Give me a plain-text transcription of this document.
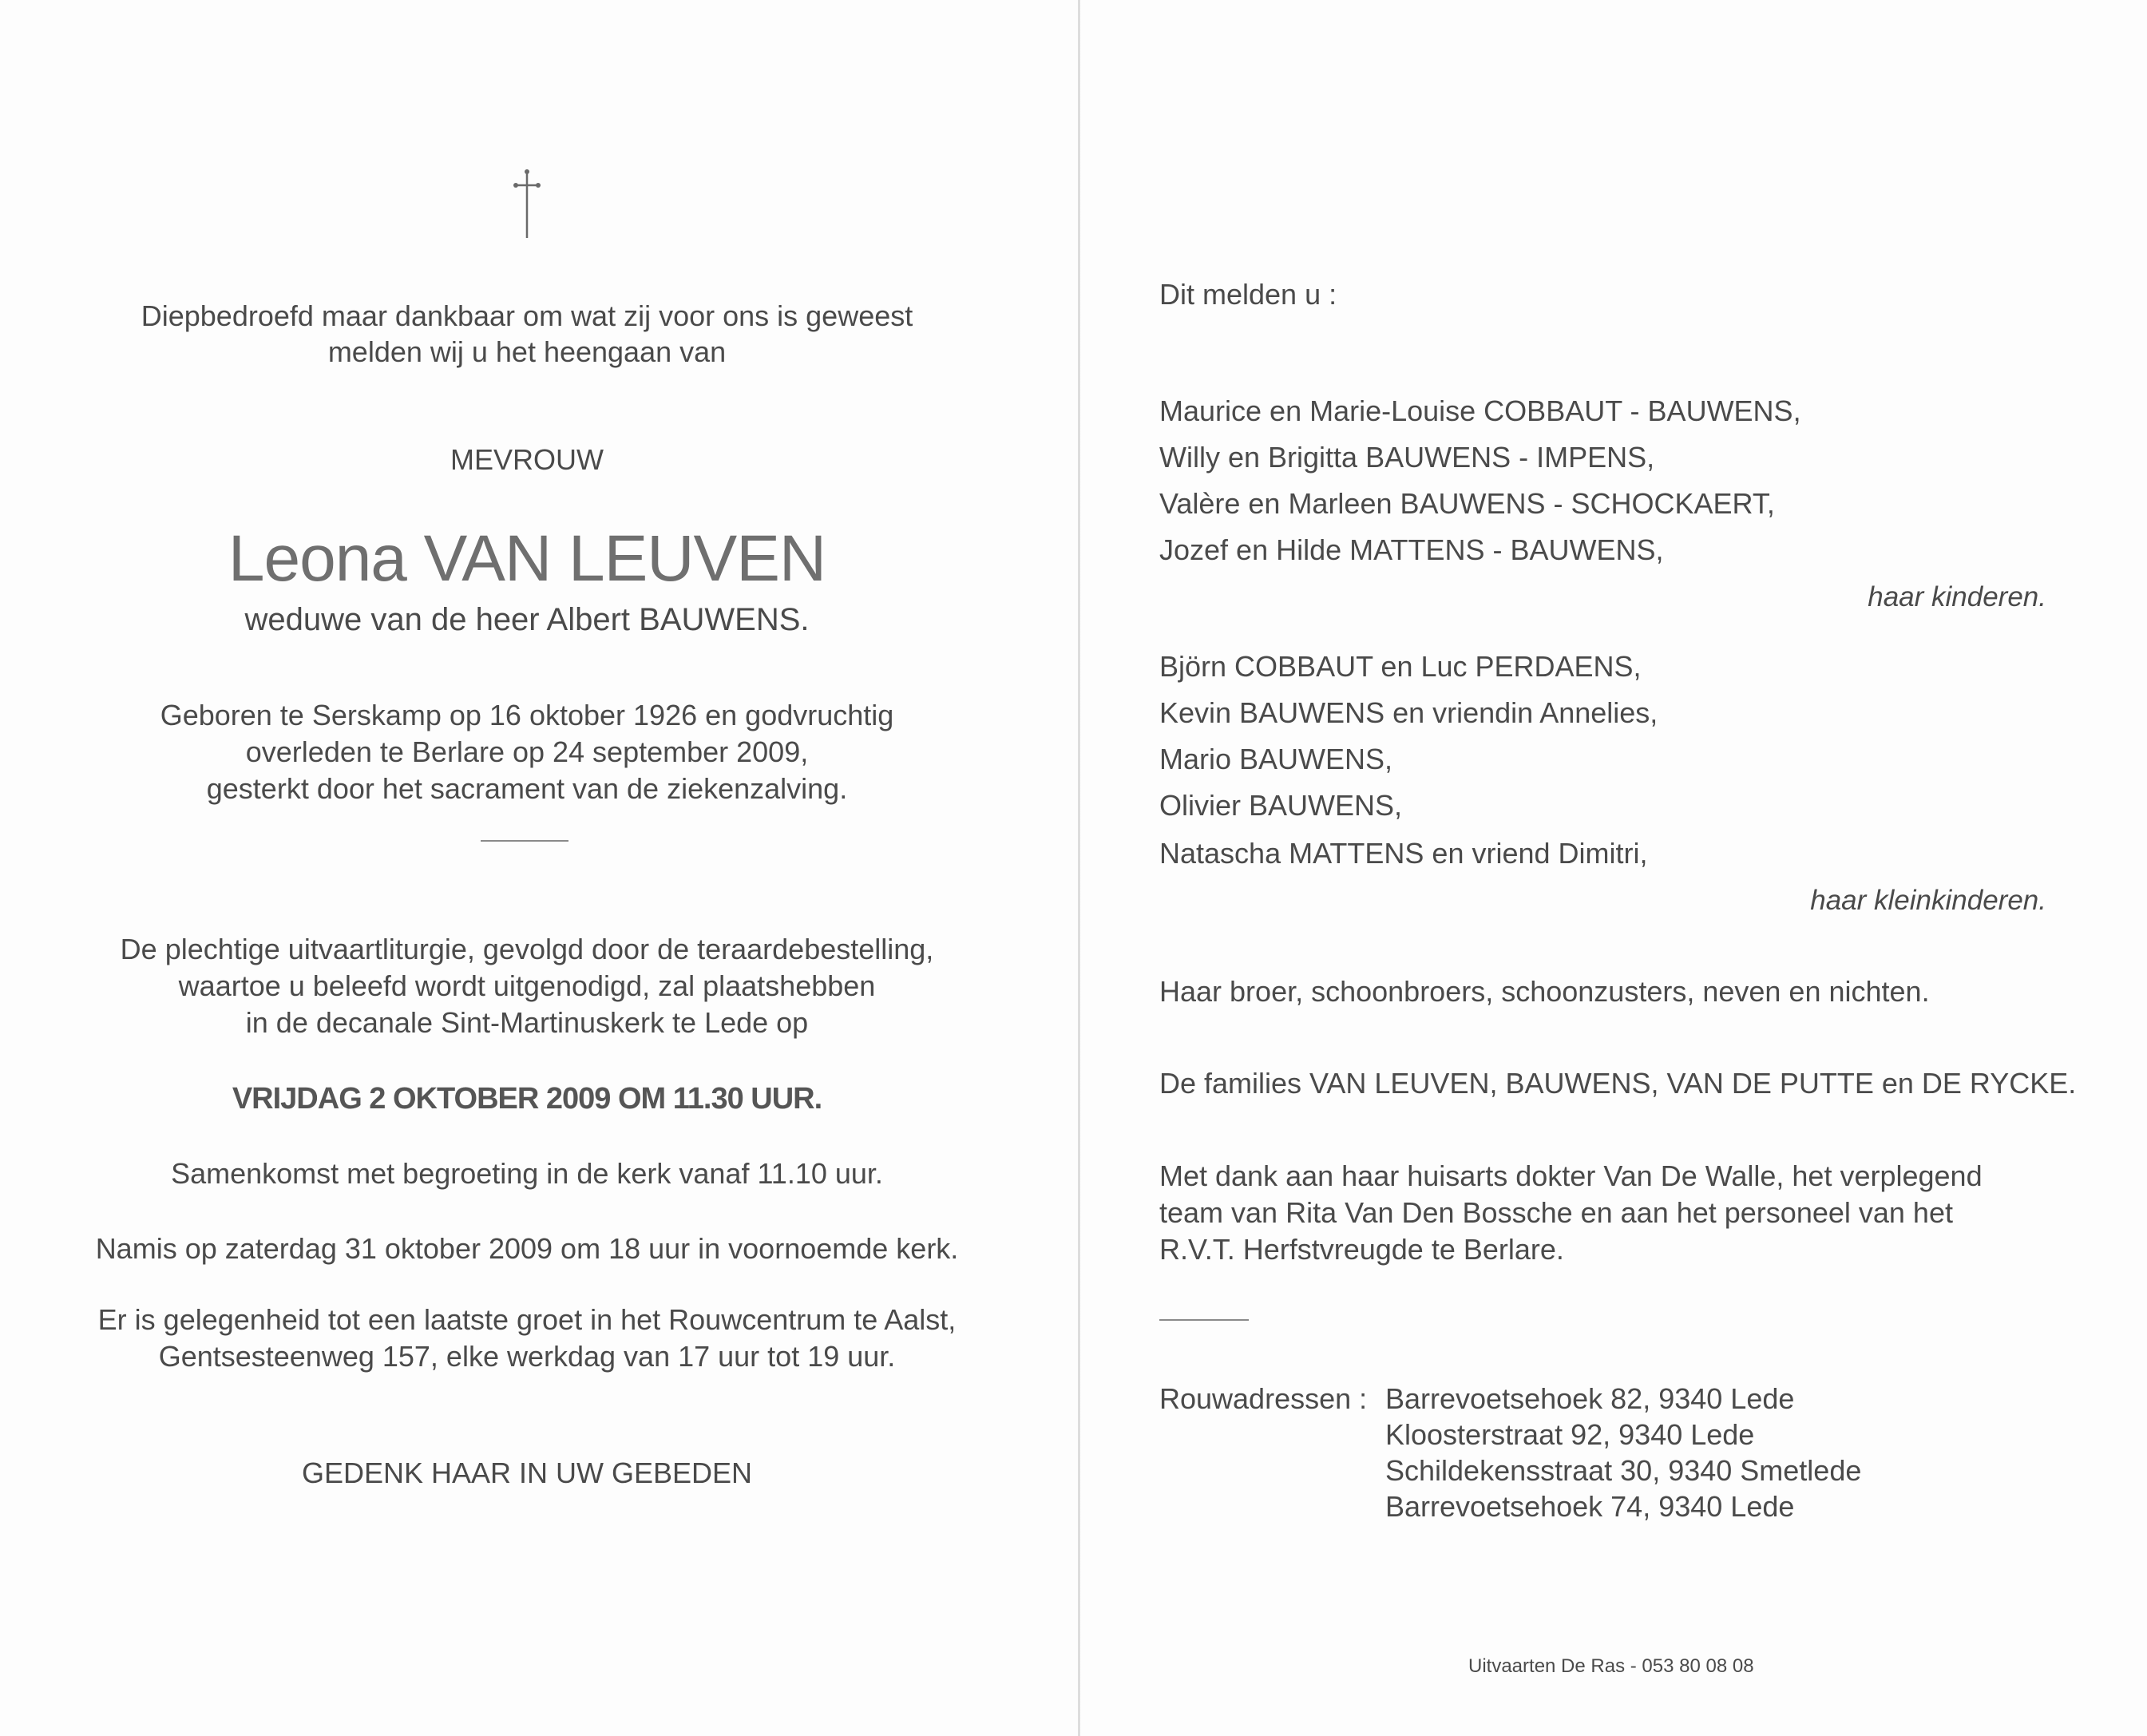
Diepbedroefd maar dankbaar om wat zij voor ons is geweest
melden wij u het heengaan van
MEVROUW
Leona VAN LEUVEN
weduwe van de heer Albert BAUWENS.
Geboren te Serskamp op 16 oktober 1926 en godvruchtig
overleden te Berlare op 24 september 2009,
gesterkt door het sacrament van de ziekenzalving.
De plechtige uitvaartliturgie, gevolgd door de teraardebestelling,
waartoe u beleefd wordt uitgenodigd, zal plaatshebben
in de decanale Sint-Martinuskerk te Lede op
VRIJDAG 2 OKTOBER 2009 OM 11.30 UUR.
Samenkomst met begroeting in de kerk vanaf 11.10 uur.
Namis op zaterdag 31 oktober 2009 om 18 uur in voornoemde kerk.
Er is gelegenheid tot een laatste groet in het Rouwcentrum te Aalst,
Gentsesteenweg 157, elke werkdag van 17 uur tot 19 uur.
GEDENK HAAR IN UW GEBEDEN
Dit melden u :
Maurice en Marie-Louise COBBAUT - BAUWENS,
Willy en Brigitta BAUWENS - IMPENS,
Valère en Marleen BAUWENS - SCHOCKAERT,
Jozef en Hilde MATTENS - BAUWENS,
haar kinderen.
Björn COBBAUT en Luc PERDAENS,
Kevin BAUWENS en vriendin Annelies,
Mario BAUWENS,
Olivier BAUWENS,
Natascha MATTENS en vriend Dimitri,
haar kleinkinderen.
Haar broer, schoonbroers, schoonzusters, neven en nichten.
De families VAN LEUVEN, BAUWENS, VAN DE PUTTE en DE RYCKE.
Met dank aan haar huisarts dokter Van De Walle, het verplegend
team van Rita Van Den Bossche en aan het personeel van het
R.V.T. Herfstvreugde te Berlare.
Rouwadressen : Barrevoetsehoek 82, 9340 Lede
Kloosterstraat 92, 9340 Lede
Schildekensstraat 30, 9340 Smetlede
Barrevoetsehoek 74, 9340 Lede
Uitvaarten De Ras - 053 80 08 08
